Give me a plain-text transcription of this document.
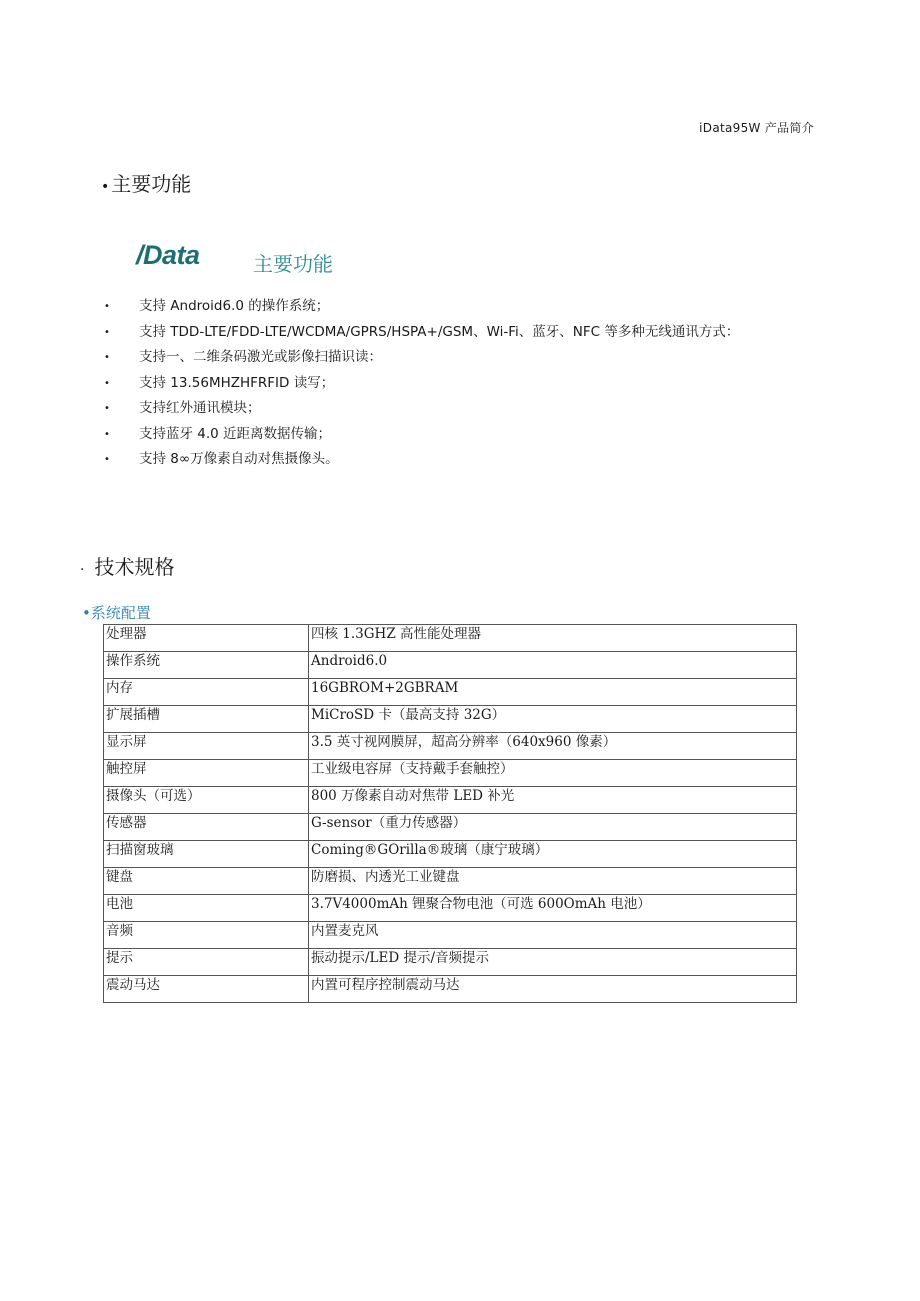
iData95W 产品简介
• 主要功能
/Data	主要功能
• 支持 Android6.0 的操作系统；
• 支持 TDD-LTE/FDD-LTE/WCDMA/GPRS/HSPA+/GSM、Wi-Fi、蓝牙、NFC 等多种无线通讯方式：
• 支持一、二维条码激光或影像扫描识读：
• 支持 13.56MHZHFRFID 读写；
• 支持红外通讯模块；
• 支持蓝牙 4.0 近距离数据传输；
• 支持 8∞万像素自动对焦摄像头。
· 技术规格
•系统配置
处理器	四核 1.3GHZ 高性能处理器
操作系统	Android6.0
内存	16GBROM+2GBRAM
扩展插槽	MiCroSD 卡（最高支持 32G）
显示屏	3.5 英寸视网膜屏，超高分辨率（640x960 像素）
触控屏	工业级电容屏（支持戴手套触控）
摄像头（可选）	800 万像素自动对焦带 LED 补光
传感器	G-sensor（重力传感器）
扫描窗玻璃	Coming®GOrilla®玻璃（康宁玻璃）
键盘	防磨损、内透光工业键盘
电池	3.7V4000mAh 锂聚合物电池（可选 600OmAh 电池）
音频	内置麦克风
提示	振动提示/LED 提示/音频提示
震动马达	内置可程序控制震动马达
